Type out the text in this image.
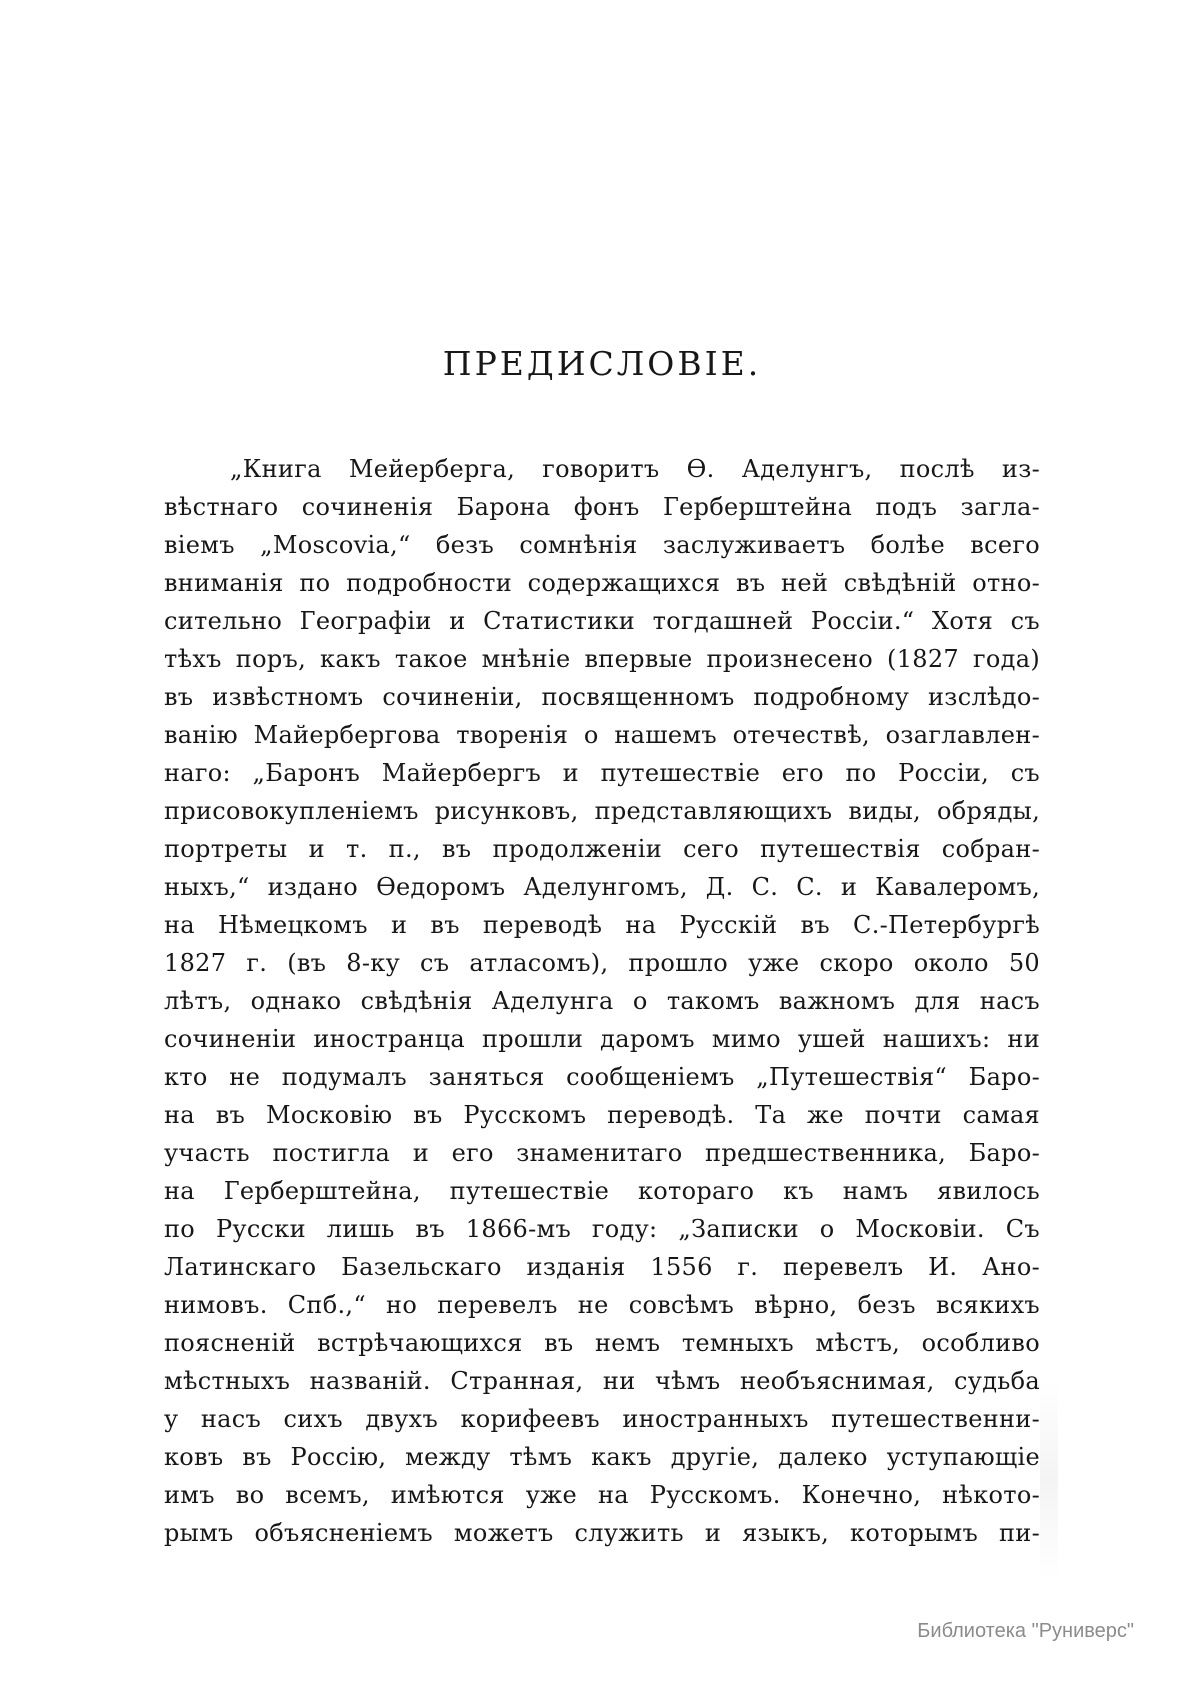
ПРЕДИСЛОВІЕ.
„Книга Мейерберга, говоритъ Ѳ. Аделунгъ, послѣ из-
вѣстнаго сочиненія Барона фонъ Герберштейна подъ загла-
віемъ „Moscovia,“ безъ сомнѣнія заслуживаетъ болѣе всего
вниманія по подробности содержащихся въ ней свѣдѣній отно-
сительно Географіи и Статистики тогдашней Россіи.“ Хотя съ
тѣхъ поръ, какъ такое мнѣніе впервые произнесено (1827 года)
въ извѣстномъ сочиненіи, посвященномъ подробному изслѣдо-
ванію Майербергова творенія о нашемъ отечествѣ, озаглавлен-
наго: „Баронъ Майербергъ и путешествіе его по Россіи, съ
присовокупленіемъ рисунковъ, представляющихъ виды, обряды,
портреты и т. п., въ продолженіи сего путешествія собран-
ныхъ,“ издано Ѳедоромъ Аделунгомъ, Д. С. С. и Кавалеромъ,
на Нѣмецкомъ и въ переводѣ на Русскій въ С.-Петербургѣ
1827 г. (въ 8-ку съ атласомъ), прошло уже скоро около 50
лѣтъ, однако свѣдѣнія Аделунга о такомъ важномъ для насъ
сочиненіи иностранца прошли даромъ мимо ушей нашихъ: ни
кто не подумалъ заняться сообщеніемъ „Путешествія“ Баро-
на въ Московію въ Русскомъ переводѣ. Та же почти самая
участь постигла и его знаменитаго предшественника, Баро-
на Герберштейна, путешествіе котораго къ намъ явилось
по Русски лишь въ 1866-мъ году: „Записки о Московіи. Съ
Латинскаго Базельскаго изданія 1556 г. перевелъ И. Ано-
нимовъ. Спб.,“ но перевелъ не совсѣмъ вѣрно, безъ всякихъ
поясненій встрѣчающихся въ немъ темныхъ мѣстъ, особливо
мѣстныхъ названій. Странная, ни чѣмъ необъяснимая, судьба
у насъ сихъ двухъ корифеевъ иностранныхъ путешественни-
ковъ въ Россію, между тѣмъ какъ другіе, далеко уступающіе
имъ во всемъ, имѣются уже на Русскомъ. Конечно, нѣкото-
рымъ объясненіемъ можетъ служить и языкъ, которымъ пи-
Библиотека "Руниверс"
